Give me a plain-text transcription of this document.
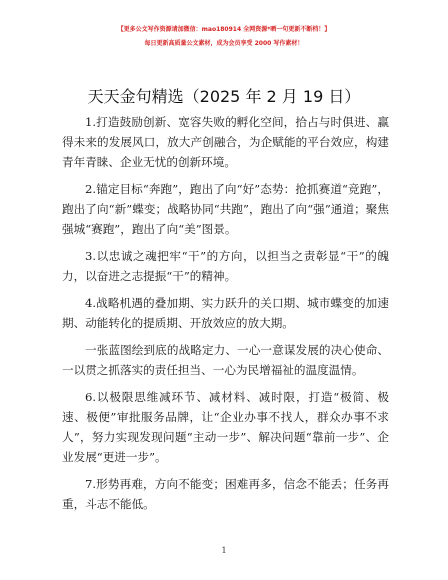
【更多公文写作资源请加微信：mao180914 全网资源*晒一句更新不断档！】
每日更新高质量公文素材，成为会员享受 2000 写作素材！
天天金句精选（2025 年 2 月 19 日）

1.打造鼓励创新、宽容失败的孵化空间，拾占与时俱进、赢得未来的发展风口，放大产创融合，为企赋能的平台效应，构建青年青睐、企业无忧的创新环境。

2.锚定目标“奔跑”，跑出了向“好”态势：抢抓赛道“竞跑”，跑出了向“新”蝶变；战略协同“共跑”，跑出了向“强”通道；聚焦强城“赛跑”，跑出了向“美”图景。

3.以忠诚之魂把牢“干”的方向，以担当之责彰显“干”的魄力，以奋进之志提振“干”的精神。

4.战略机遇的叠加期、实力跃升的关口期、城市蝶变的加速期、动能转化的提质期、开放效应的放大期。

一张蓝图绘到底的战略定力、一心一意谋发展的决心使命、一以贯之抓落实的责任担当、一心为民增福祉的温度温情。

6.以极限思维减环节、减材料、减时限，打造“极简、极速、极便”审批服务品牌，让“企业办事不找人，群众办事不求人”，努力实现发现问题“主动一步”、解决问题“靠前一步”、企业发展“更进一步”。

7.形势再难，方向不能变；困难再多，信念不能丢；任务再重，斗志不能低。

1
